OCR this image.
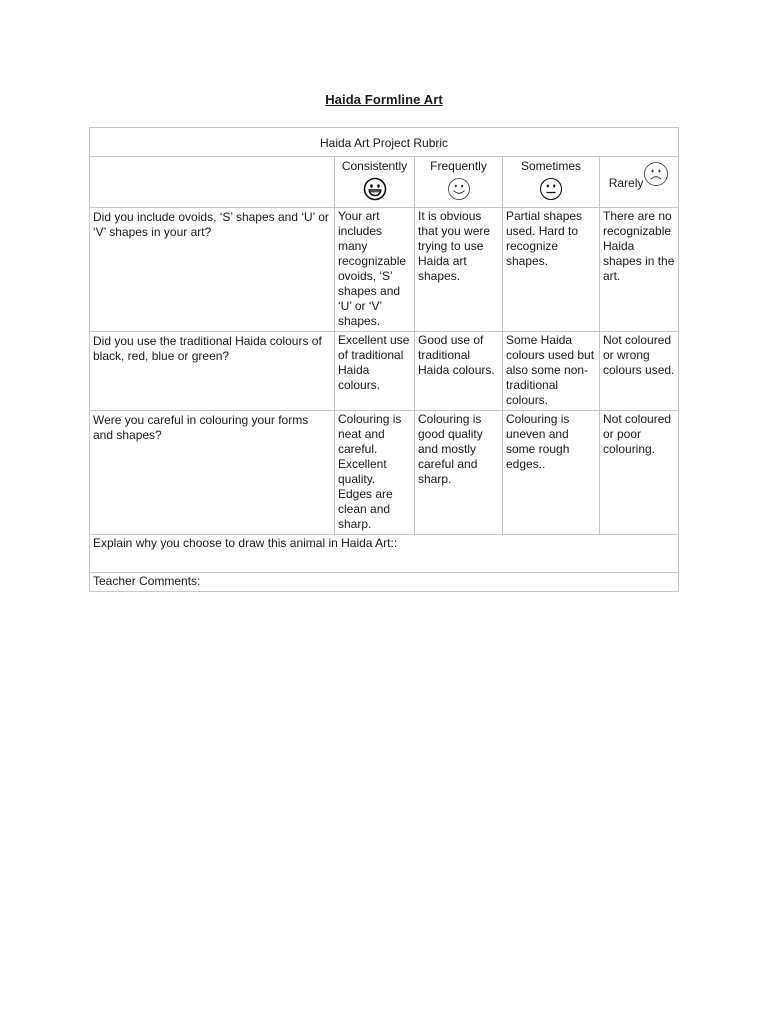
Haida Formline Art
Haida Art Project Rubric				

	Consistently	Frequently	Sometimes	Rarely

Did you include ovoids, ‘S’ shapes and ‘U’ or ‘V’ shapes in your art?	Your art includes many recognizable ovoids, ‘S’ shapes and ‘U’ or ‘V’ shapes.	It is obvious that you were trying to use Haida art shapes.	Partial shapes used. Hard to recognize shapes.	There are no recognizable Haida shapes in the art.
Did you use the traditional Haida colours of black, red, blue or green?	Excellent use of traditional Haida colours.	Good use of traditional Haida colours.	Some Haida colours used but also some non-traditional colours.	Not coloured or wrong colours used.
Were you careful in colouring your forms and shapes?	Colouring is neat and careful. Excellent quality. Edges are clean and sharp.	Colouring is good quality and mostly careful and sharp.	Colouring is uneven and some rough edges..	Not coloured or poor colouring.
Explain why you choose to draw this animal in Haida Art::				
Teacher Comments:				
